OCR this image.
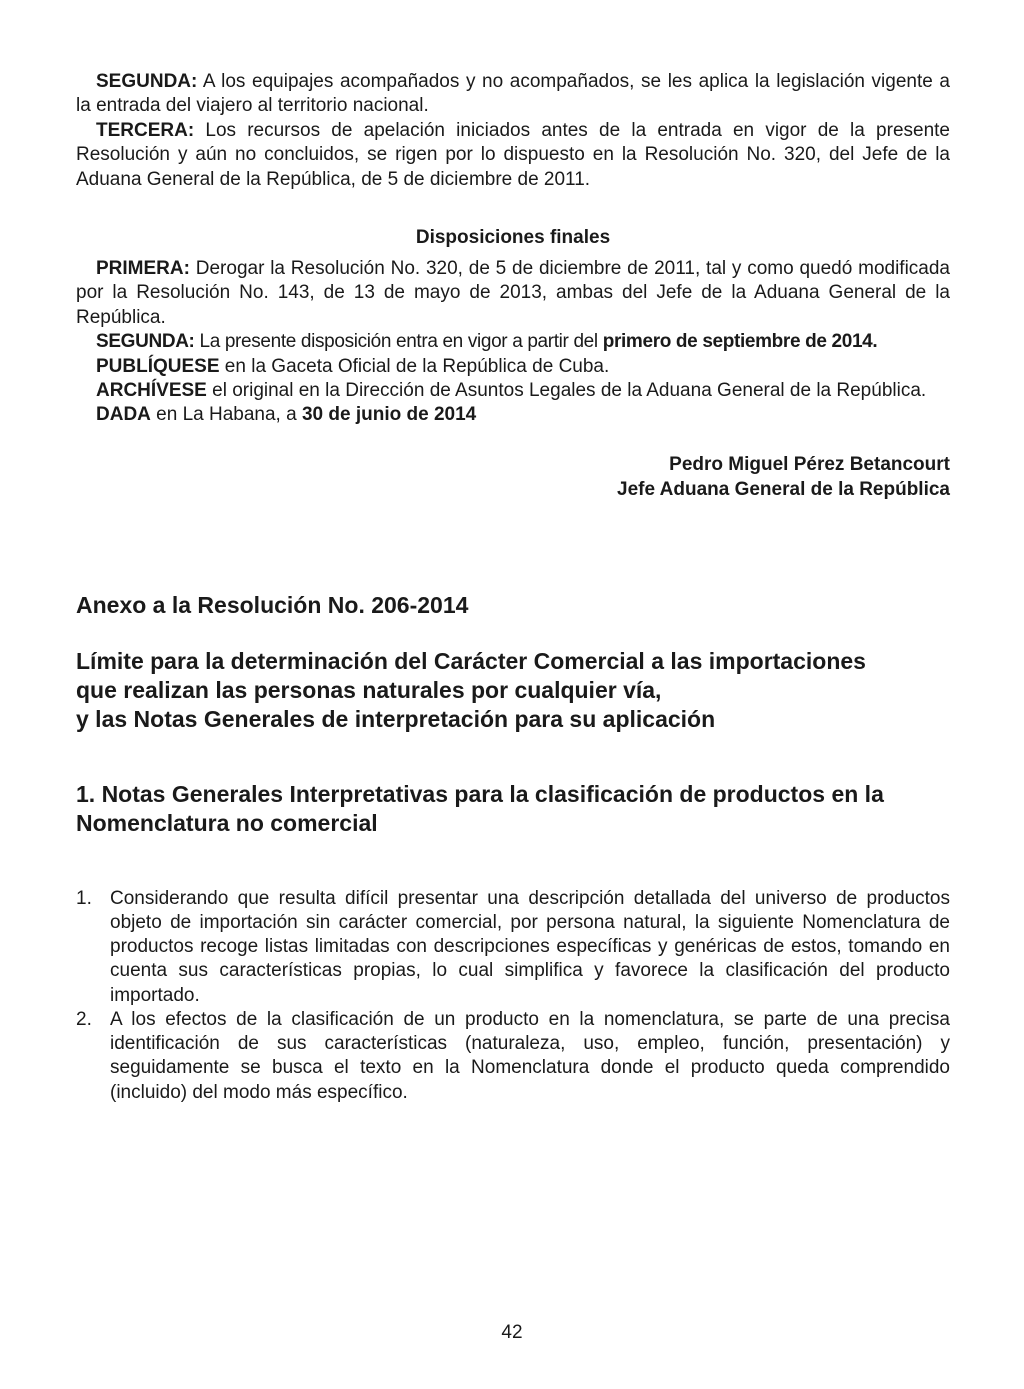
SEGUNDA: A los equipajes acompañados y no acompañados, se les aplica la legislación vigente a la entrada del viajero al territorio nacional.

TERCERA: Los recursos de apelación iniciados antes de la entrada en vigor de la presente Resolución y aún no concluidos, se rigen por lo dispuesto en la Resolución No. 320, del Jefe de la Aduana General de la República, de 5 de diciembre de 2011.

Disposiciones finales

PRIMERA: Derogar la Resolución No. 320, de 5 de diciembre de 2011, tal y como quedó modificada por la Resolución No. 143, de 13 de mayo de 2013, ambas del Jefe de la Aduana General de la República.

SEGUNDA: La presente disposición entra en vigor a partir del primero de septiembre de 2014.

PUBLÍQUESE en la Gaceta Oficial de la República de Cuba.

ARCHÍVESE el original en la Dirección de Asuntos Legales de la Aduana General de la República.

DADA en La Habana, a 30 de junio de 2014

Pedro Miguel Pérez Betancourt
Jefe Aduana General de la República
Anexo a la Resolución No. 206-2014
Límite para la determinación del Carácter Comercial a las importaciones
que realizan las personas naturales por cualquier vía,
y las Notas Generales de interpretación para su aplicación
1. Notas Generales Interpretativas para la clasificación de productos en la
Nomenclatura no comercial
1. Considerando que resulta difícil presentar una descripción detallada del universo de productos objeto de importación sin carácter comercial, por persona natural, la siguiente Nomenclatura de productos recoge listas limitadas con descripciones específicas y genéricas de estos, tomando en cuenta sus características propias, lo cual simplifica y favorece la clasificación del producto importado.
2. A los efectos de la clasificación de un producto en la nomenclatura, se parte de una precisa identificación de sus características (naturaleza, uso, empleo, función, presentación) y seguidamente se busca el texto en la Nomenclatura donde el producto queda comprendido (incluido) del modo más específico.
42
